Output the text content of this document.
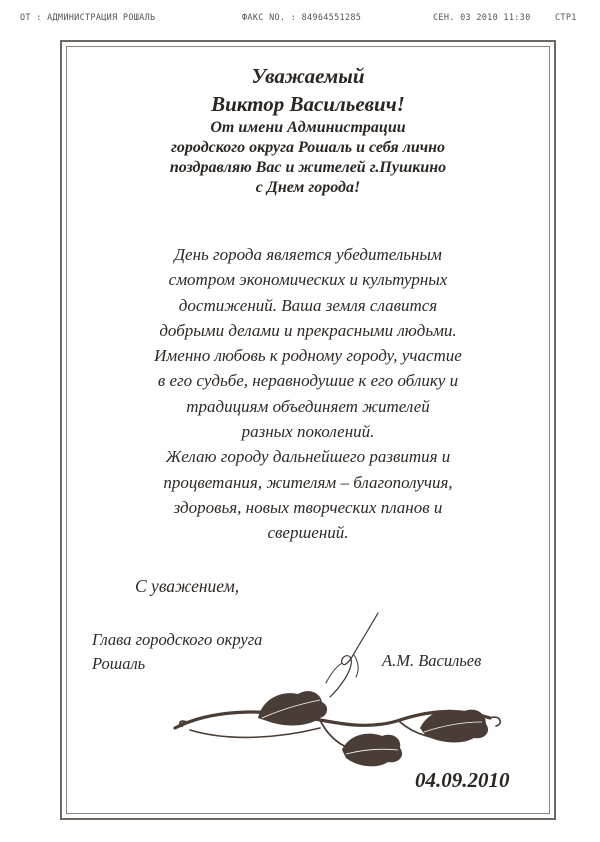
ОТ : АДМИНИСТРАЦИЯ РОШАЛЬ	ФАКС NO. : 84964551285	СЕН. 03 2010 11:30	СТР1
Уважаемый
Виктор Васильевич!
От имени Администрации
городского округа Рошаль и себя лично
поздравляю Вас и жителей г.Пушкино
с Днем города!
День города является убедительным
смотром экономических и культурных
достижений. Ваша земля славится
добрыми делами и прекрасными людьми.
Именно любовь к родному городу, участие
в его судьбе, неравнодушие к его облику и
традициям объединяет жителей
разных поколений.
Желаю городу дальнейшего развития и
процветания, жителям – благополучия,
здоровья, новых творческих планов и
свершений.
С уважением,
Глава городского округа
Рошаль	А.М. Васильев
04.09.2010
